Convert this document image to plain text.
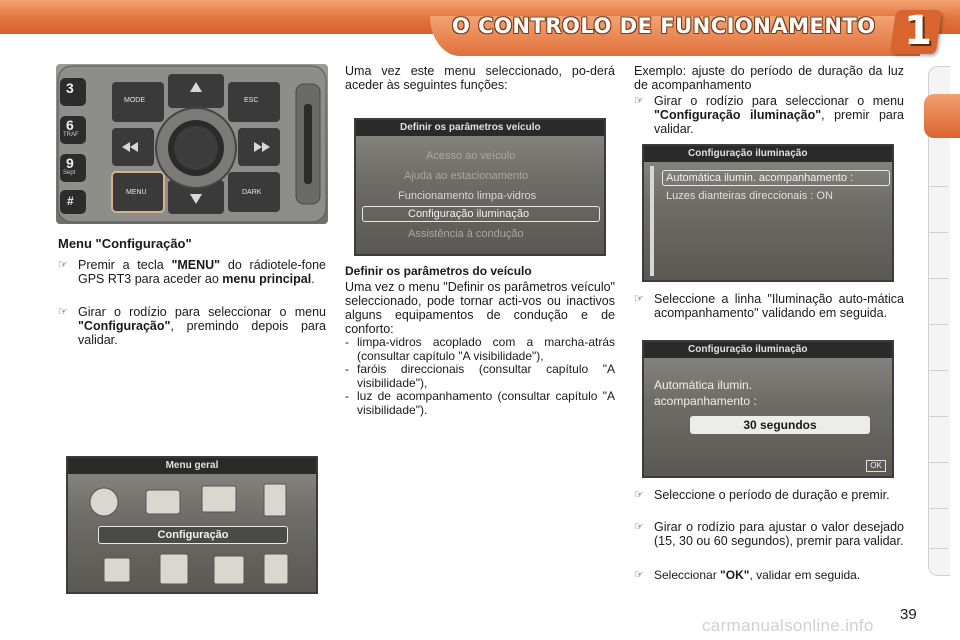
O CONTROLO DE FUNCIONAMENTO 1
3
6
TRAF
9
Sept
#
MODE	ESC
MENU	DARK
Menu "Configuração"
☞ Premir a tecla "MENU" do rádiotele-fone GPS RT3 para aceder ao menu principal.
☞ Girar o rodízio para seleccionar o menu "Configuração", premindo depois para validar.
Menu geral
Configuração
Uma vez este menu seleccionado, po-derá aceder às seguintes funções:
Definir os parâmetros veículo
Acesso ao veículo
Ajuda ao estacionamento
Funcionamento limpa-vidros
Configuração iluminação
Assistência à condução
Definir os parâmetros do veículo
Uma vez o menu "Definir os parâmetros veículo" seleccionado, pode tornar acti-vos ou inactivos alguns equipamentos de condução e de conforto:
- limpa-vidros acoplado com a marcha-atrás (consultar capítulo "A visibilidade"),
- faróis direccionais (consultar capítulo "A visibilidade"),
- luz de acompanhamento (consultar capítulo "A visibilidade").
Exemplo: ajuste do período de duração da luz de acompanhamento
☞ Girar o rodízio para seleccionar o menu "Configuração iluminação", premir para validar.
Configuração iluminação
Automática ilumin. acompanhamento :
Luzes dianteiras direccionais : ON
☞ Seleccione a linha "Iluminação auto-mática acompanhamento" validando em seguida.
Configuração iluminação
Automática ilumin.
acompanhamento :
30 segundos
OK
☞ Seleccione o período de duração e premir.
☞ Girar o rodízio para ajustar o valor desejado (15, 30 ou 60 segundos), premir para validar.
☞ Seleccionar "OK", validar em seguida.
39
carmanualsonline.info
